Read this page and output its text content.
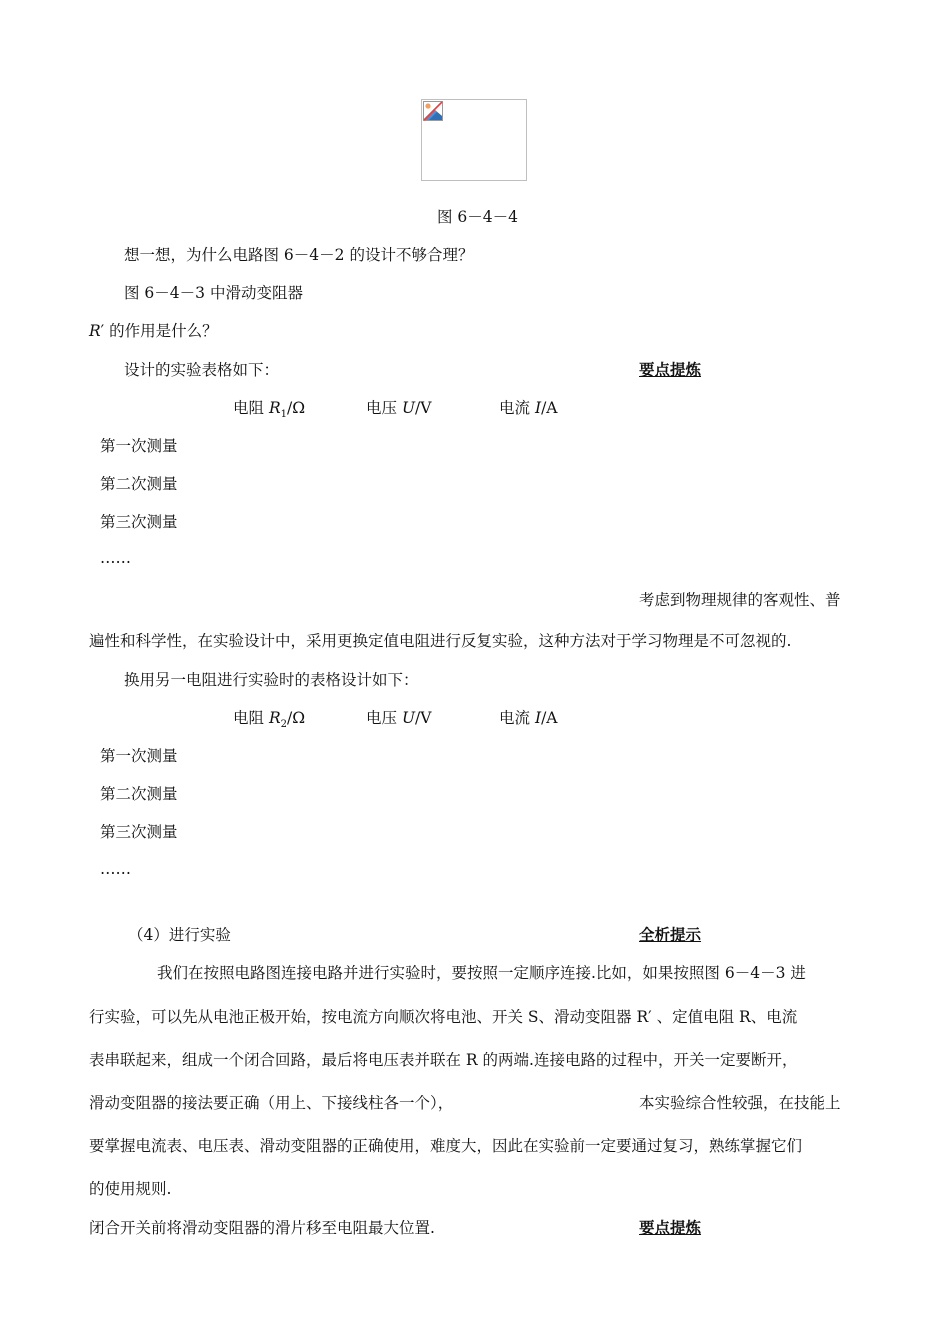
图 6－4－4
想一想，为什么电路图 6－4－2 的设计不够合理？
图 6－4－3 中滑动变阻器
R′ 的作用是什么？
设计的实验表格如下：	要点提炼
电阻 $R_1/\Omega$	电压 U/V	电流 I/A
第一次测量
第二次测量
第三次测量
……
考虑到物理规律的客观性、普
遍性和科学性，在实验设计中，采用更换定值电阻进行反复实验，这种方法对于学习物理是不可忽视的.
换用另一电阻进行实验时的表格设计如下：
电阻 $R_2/\Omega$	电压 U/V	电流 I/A
第一次测量
第二次测量
第三次测量
……
（4）进行实验	全析提示
我们在按照电路图连接电路并进行实验时，要按照一定顺序连接.比如，如果按照图 6－4－3 进
行实验，可以先从电池正极开始，按电流方向顺次将电池、开关 S、滑动变阻器 R′ 、定值电阻 R、电流
表串联起来，组成一个闭合回路，最后将电压表并联在 R 的两端.连接电路的过程中，开关一定要断开，
滑动变阻器的接法要正确（用上、下接线柱各一个），	本实验综合性较强，在技能上
要掌握电流表、电压表、滑动变阻器的正确使用，难度大，因此在实验前一定要通过复习，熟练掌握它们
的使用规则.
闭合开关前将滑动变阻器的滑片移至电阻最大位置.	要点提炼
